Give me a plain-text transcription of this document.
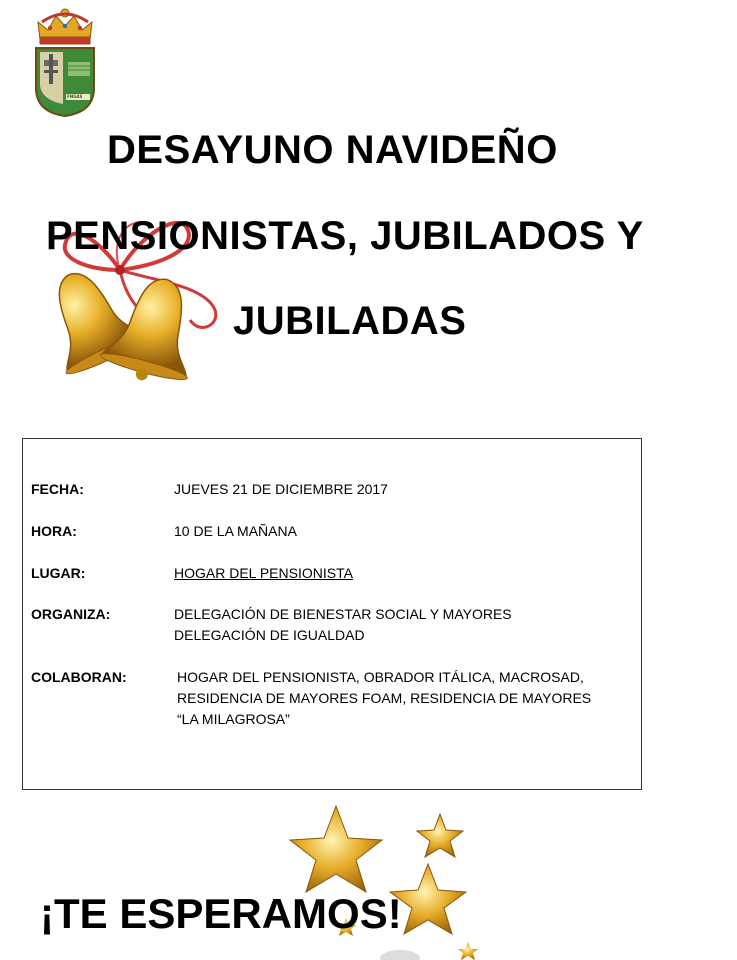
FNGAS
DESAYUNO NAVIDEÑO
PENSIONISTAS, JUBILADOS Y
JUBILADAS
FECHA:	JUEVES 21 DE DICIEMBRE 2017
HORA:	10 DE LA MAÑANA
LUGAR:	HOGAR DEL PENSIONISTA
ORGANIZA:	DELEGACIÓN DE BIENESTAR SOCIAL Y MAYORES
DELEGACIÓN DE IGUALDAD
COLABORAN:	HOGAR DEL PENSIONISTA, OBRADOR ITÁLICA, MACROSAD,
RESIDENCIA DE MAYORES FOAM, RESIDENCIA DE MAYORES
“LA MILAGROSA”
¡TE ESPERAMOS!
